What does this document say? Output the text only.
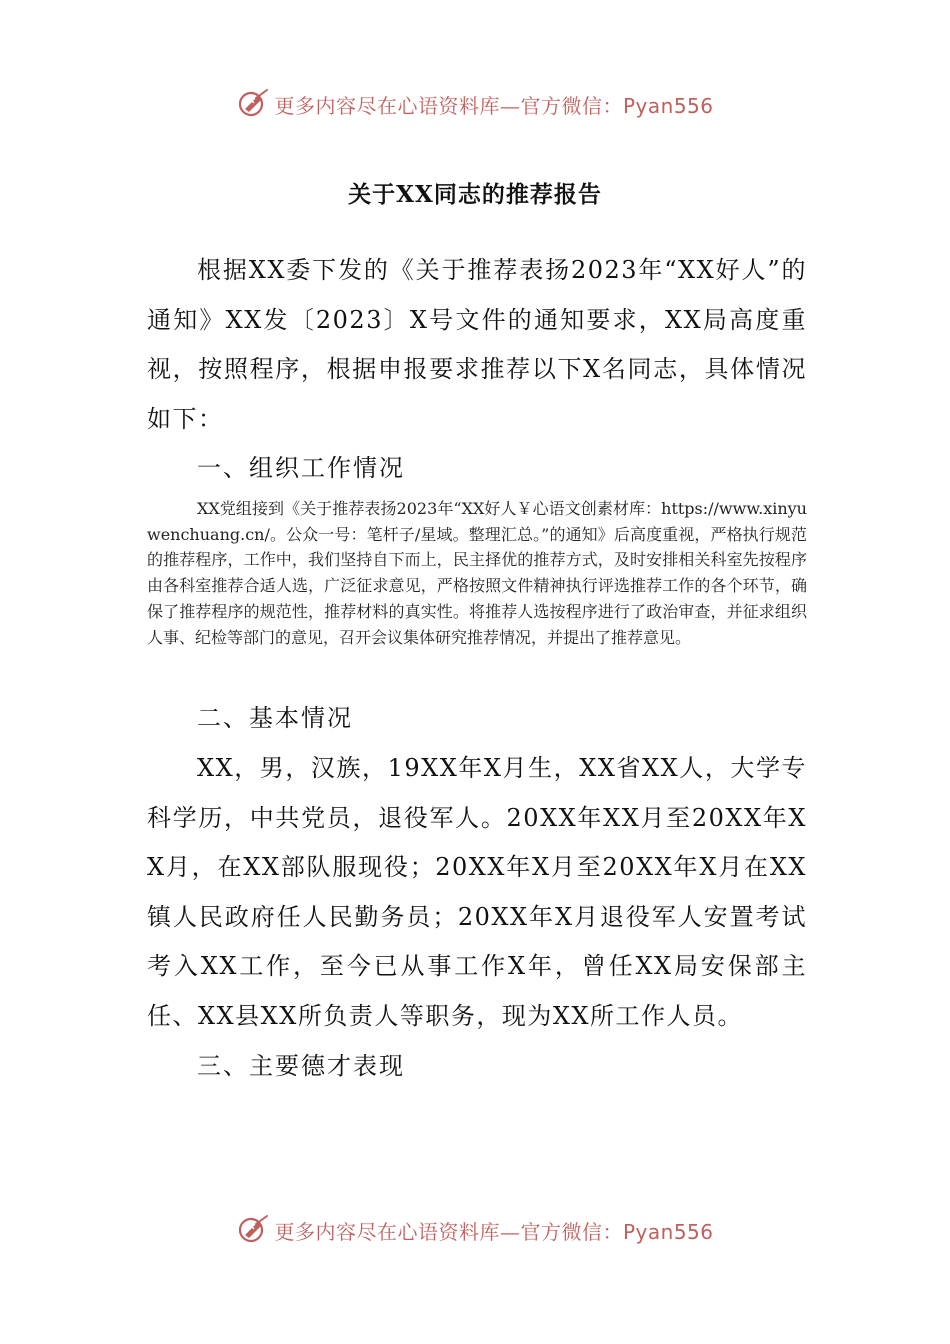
更多内容尽在心语资料库—官方微信：Pyan556
关于XX同志的推荐报告

根据XX委下发的《关于推荐表扬2023年“XX好人”的通知》XX发〔2023〕X号文件的通知要求，XX局高度重视，按照程序，根据申报要求推荐以下X名同志，具体情况如下：

一、组织工作情况

XX党组接到《关于推荐表扬2023年“XX好人￥心语文创素材库：https://www.xinyuwenchuang.cn/。公众一号：笔杆子/星域。整理汇总。”的通知》后高度重视，严格执行规范的推荐程序，工作中，我们坚持自下而上，民主择优的推荐方式，及时安排相关科室先按程序由各科室推荐合适人选，广泛征求意见，严格按照文件精神执行评选推荐工作的各个环节，确保了推荐程序的规范性，推荐材料的真实性。将推荐人选按程序进行了政治审查，并征求组织人事、纪检等部门的意见，召开会议集体研究推荐情况，并提出了推荐意见。

二、基本情况

XX，男，汉族，19XX年X月生，XX省XX人，大学专科学历，中共党员，退役军人。20XX年XX月至20XX年XX月，在XX部队服现役；20XX年X月至20XX年X月在XX镇人民政府任人民勤务员；20XX年X月退役军人安置考试考入XX工作，至今已从事工作X年，曾任XX局安保部主任、XX县XX所负责人等职务，现为XX所工作人员。

三、主要德才表现

更多内容尽在心语资料库—官方微信：Pyan556
